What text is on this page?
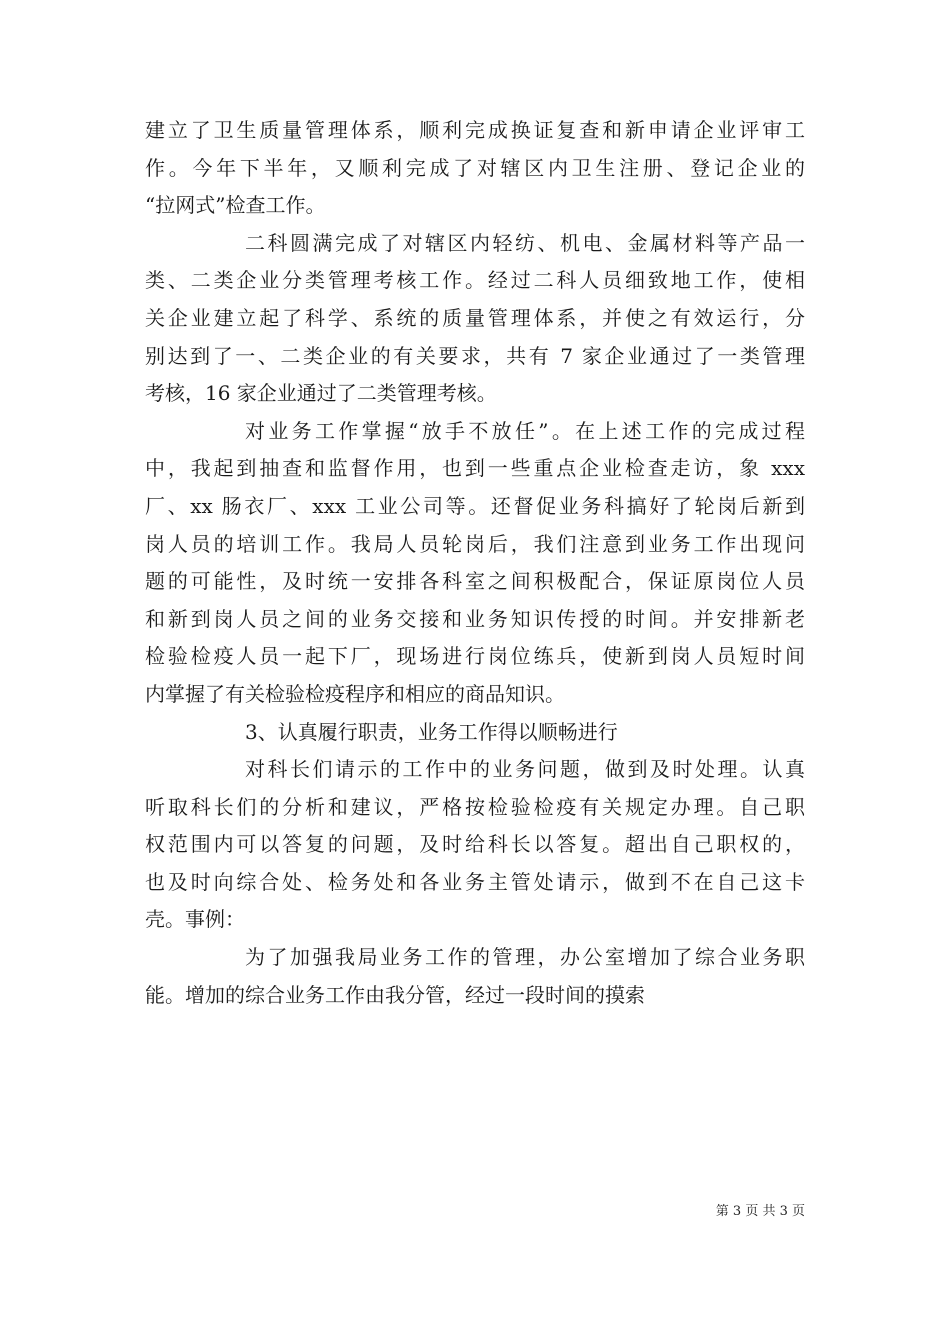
建立了卫生质量管理体系，顺利完成换证复查和新申请企业评审工
作。今年下半年，又顺利完成了对辖区内卫生注册、登记企业的
“拉网式”检查工作。
二科圆满完成了对辖区内轻纺、机电、金属材料等产品一
类、二类企业分类管理考核工作。经过二科人员细致地工作，使相
关企业建立起了科学、系统的质量管理体系，并使之有效运行，分
别达到了一、二类企业的有关要求，共有 7 家企业通过了一类管理
考核，16 家企业通过了二类管理考核。
对业务工作掌握“放手不放任”。在上述工作的完成过程
中，我起到抽查和监督作用，也到一些重点企业检查走访，象 xxx
厂、xx 肠衣厂、xxx 工业公司等。还督促业务科搞好了轮岗后新到
岗人员的培训工作。我局人员轮岗后，我们注意到业务工作出现问
题的可能性，及时统一安排各科室之间积极配合，保证原岗位人员
和新到岗人员之间的业务交接和业务知识传授的时间。并安排新老
检验检疫人员一起下厂，现场进行岗位练兵，使新到岗人员短时间
内掌握了有关检验检疫程序和相应的商品知识。
3、认真履行职责，业务工作得以顺畅进行
对科长们请示的工作中的业务问题，做到及时处理。认真
听取科长们的分析和建议，严格按检验检疫有关规定办理。自己职
权范围内可以答复的问题，及时给科长以答复。超出自己职权的，
也及时向综合处、检务处和各业务主管处请示，做到不在自己这卡
壳。事例：
为了加强我局业务工作的管理，办公室增加了综合业务职
能。增加的综合业务工作由我分管，经过一段时间的摸索
第 3 页 共 3 页
